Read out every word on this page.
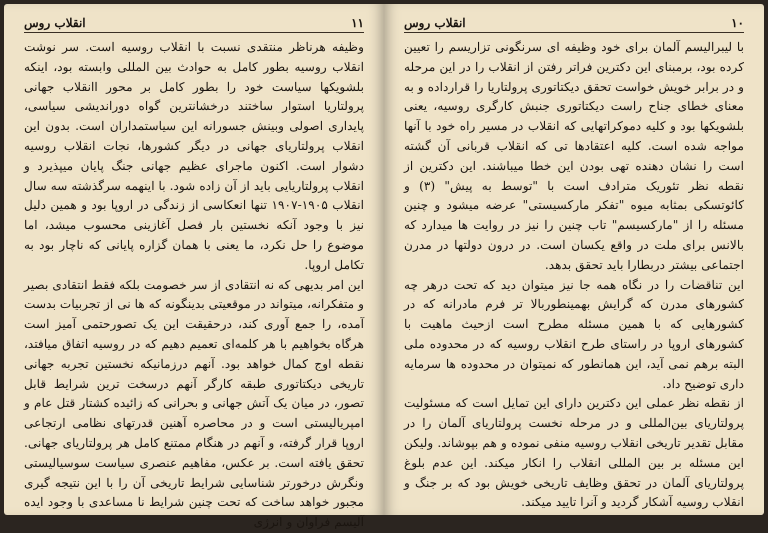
۱۱
انقلاب روس

وظیفه هرناظر منتقدی نسبت با انقلاب روسیه است. سر نوشت انقلاب روسیه بطور کامل به حوادث بین المللی وابسته بود، اینکه بلشویکها سیاست خود را بطور کامل بر محور اانقلاب جهانی پرولتاریا استوار ساختند درخشانترین گواه دوراندیشی سیاسی، پایداری اصولی وبینش جسورانه این سیاستمداران است. بدون این انقلاب پرولتاریای جهانی در دیگر کشورها، نجات انقلاب روسیه دشوار است. اکنون ماجرای عظیم جهانی جنگ پایان میپذیرد و انقلاب پرولتاریایی باید از آن زاده شود. با اینهمه سرگذشته سه سال انقلاب ۱۹۰۵-۱۹۰۷ تنها انعکاسی از زندگی در اروپا بود و همین دلیل نیز با وجود آنکه نخستین بار فصل آغازینی محسوب میشد، اما موضوع را حل نکرد، ما یعنی با همان گزاره پایانی که ناچار بود به تکامل اروپا.

این امر بدیهی که نه انتقادی از سر خصومت بلکه فقط انتقادی بصیر و متفکرانه، میتواند در موقعیتی بدینگونه که ها نی از تجربیات بدست آمده، را جمع آوری کند، درحقیقت این یک تصورحتمی آمیز است هرگاه بخواهیم با هر کلمه‌ای تعمیم دهیم که در روسیه اتفاق میافتد، نقطه اوج کمال خواهد بود. آنهم درزمانیکه نخستین تجربه جهانی تاریخی دیکتاتوری طبقه کارگر آنهم درسخت ترین شرایط قابل تصور، در میان یک آتش جهانی و بحرانی که زائیده کشتار قتل عام و امپریالیستی است و در محاصره آهنین قدرتهای نظامی ارتجاعی اروپا قرار گرفته، و آنهم در هنگام ممتنع کامل هر پرولتاریای جهانی. تحقق یافته است. بر عکس، مفاهیم عنصری سیاست سوسیالیستی ونگرش درخورتر شناسایی شرایط تاریخی آن را با این نتیجه گیری مجبور خواهد ساخت که تحت چنین شرایط نا مساعدی با وجود ایده آلیسم فراوان و انرژی

۱۰
انقلاب روس

با لیبرالیسم آلمان برای خود وظیفه ای سرنگونی تزاریسم را تعیین کرده بود، برمبنای این دکترین فراتر رفتن از انقلاب را در این مرحله و در برابر خویش خواست تحقق دیکتاتوری پرولتاریا را قرارداده و به معنای خطای جناح راست دیکتاتوری جنبش کارگری روسیه، یعنی بلشویکها بود و کلیه دموکراتهایی که انقلاب در مسیر راه خود با آنها مواجه شده است. کلیه اعتقادها تی که انقلاب قربانی آن گشته است را نشان دهنده تهی بودن این خطا میباشند. این دکترین از نقطه نظر تئوریک مترادف است با "توسط به پیش" (۳) و کائوتسکی بمثابه میوه "تفکر مارکسیستی" عرضه میشود و چنین مسئله را از "مارکسیسم" تاب چنین را نیز در روایت ها میدارد که بالانس برای ملت در واقع یکسان است. در درون دولتها در مدرن اجتماعی بیشتر دربطارا باید تحقق بدهد.

این تناقضات را در نگاه همه جا نیز میتوان دید که تحت درهر چه کشورهای مدرن که گرایش بهمینطوربالا تر فرم مادرانه که در کشورهایی که با همین مسئله مطرح است ازحیث ماهیت با کشورهای اروپا در راستای طرح انقلاب روسیه که در محدوده ملی البته برهم نمی آید، این همانطور که نمیتوان در محدوده ها سرمایه داری توضیح داد.

از نقطه نظر عملی این دکترین دارای این تمایل است که مسئولیت پرولتاریای بین‌المللی و در مرحله نخست پرولتاریای آلمان را در مقابل تقدیر تاریخی انقلاب روسیه منفی نموده و هم بپوشاند. ولیکن این مسئله بر بین المللی انقلاب را انکار میکند. این عدم بلوغ پرولتاریای آلمان در تحقق وظایف تاریخی خویش بود که بر جنگ و انقلاب روسیه آشکار گردید و آنرا تایید میکند.
